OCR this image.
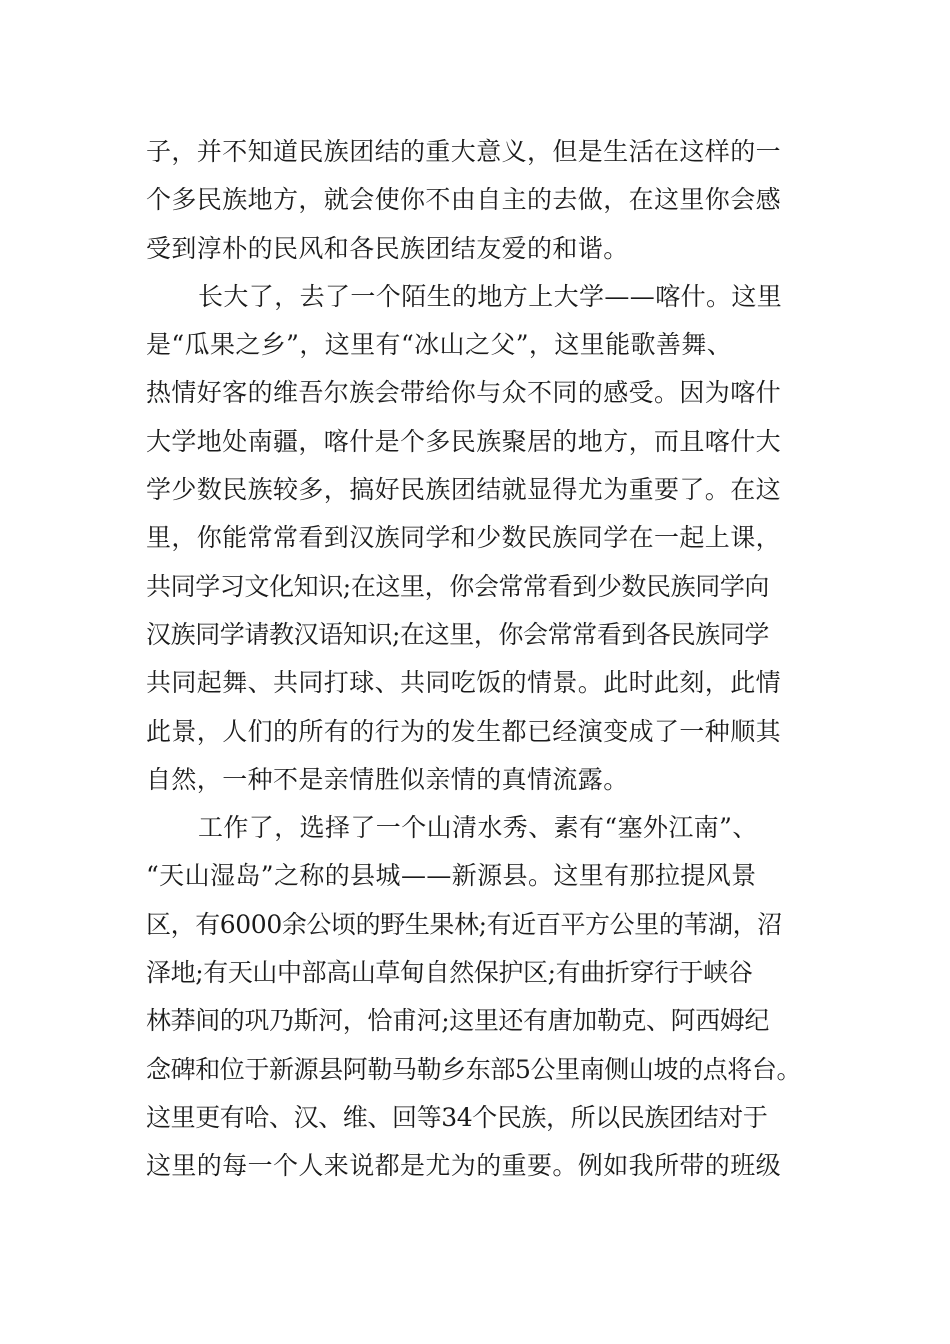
子，并不知道民族团结的重大意义，但是生活在这样的一
个多民族地方，就会使你不由自主的去做，在这里你会感
受到淳朴的民风和各民族团结友爱的和谐。
长大了，去了一个陌生的地方上大学——喀什。这里
是“瓜果之乡”，这里有“冰山之父”，这里能歌善舞、
热情好客的维吾尔族会带给你与众不同的感受。因为喀什
大学地处南疆，喀什是个多民族聚居的地方，而且喀什大
学少数民族较多，搞好民族团结就显得尤为重要了。在这
里，你能常常看到汉族同学和少数民族同学在一起上课，
共同学习文化知识;在这里，你会常常看到少数民族同学向
汉族同学请教汉语知识;在这里，你会常常看到各民族同学
共同起舞、共同打球、共同吃饭的情景。此时此刻，此情
此景，人们的所有的行为的发生都已经演变成了一种顺其
自然，一种不是亲情胜似亲情的真情流露。
工作了，选择了一个山清水秀、素有“塞外江南”、
“天山湿岛”之称的县城——新源县。这里有那拉提风景
区，有6000余公顷的野生果林;有近百平方公里的苇湖，沼
泽地;有天山中部高山草甸自然保护区;有曲折穿行于峡谷
林莽间的巩乃斯河，恰甫河;这里还有唐加勒克、阿西姆纪
念碑和位于新源县阿勒马勒乡东部5公里南侧山坡的点将台。
这里更有哈、汉、维、回等34个民族，所以民族团结对于
这里的每一个人来说都是尤为的重要。例如我所带的班级
